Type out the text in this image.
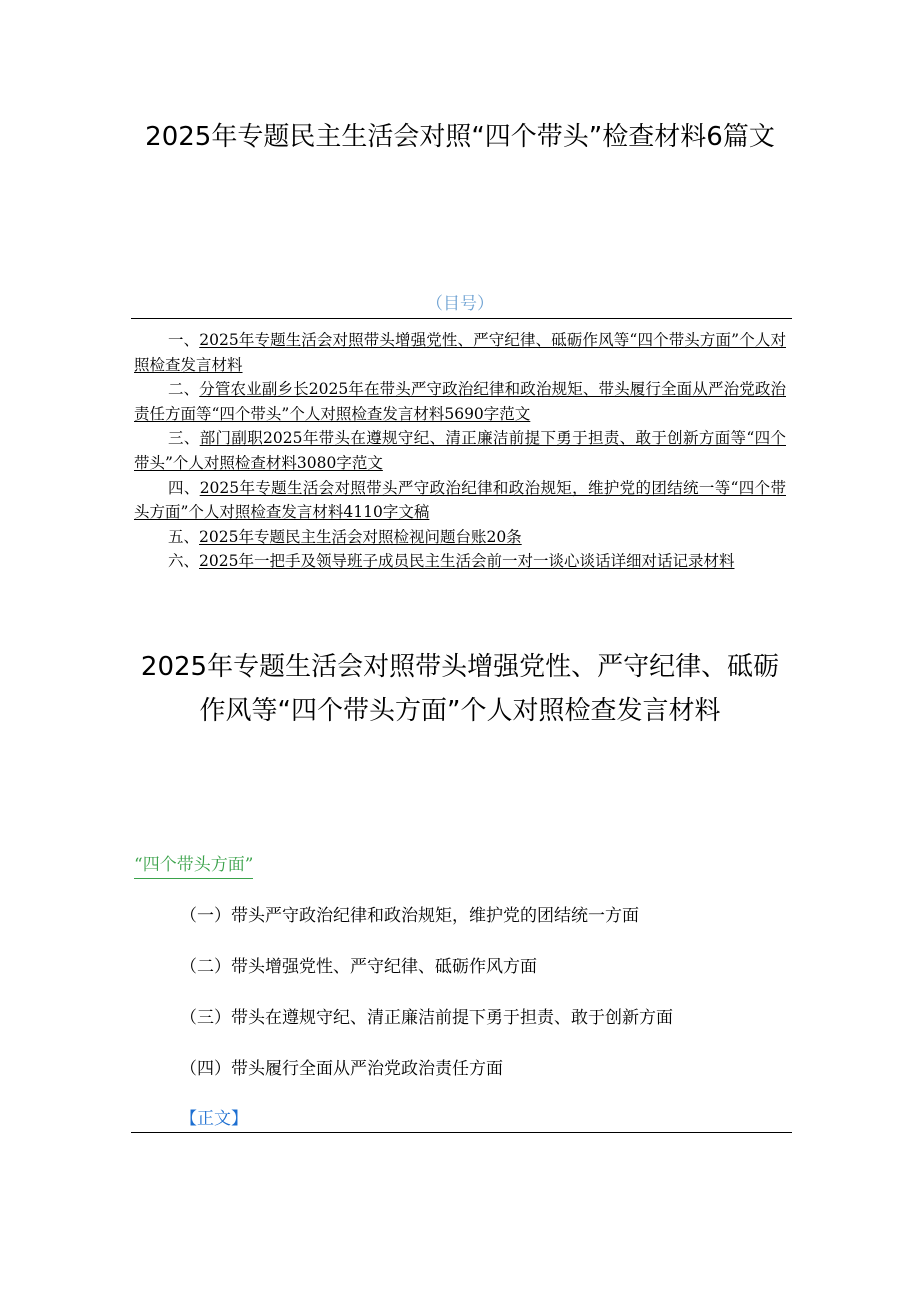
2025年专题民主生活会对照“四个带头”检查材料6篇文
（目号）
一、2025年专题生活会对照带头增强党性、严守纪律、砥砺作风等“四个带头方面”个人对照检查发言材料
二、分管农业副乡长2025年在带头严守政治纪律和政治规矩、带头履行全面从严治党政治责任方面等“四个带头”个人对照检查发言材料5690字范文
三、部门副职2025年带头在遵规守纪、清正廉洁前提下勇于担责、敢于创新方面等“四个带头”个人对照检查材料3080字范文
四、2025年专题生活会对照带头严守政治纪律和政治规矩，维护党的团结统一等“四个带头方面”个人对照检查发言材料4110字文稿
五、2025年专题民主生活会对照检视问题台账20条
六、2025年一把手及领导班子成员民主生活会前一对一谈心谈话详细对话记录材料
2025年专题生活会对照带头增强党性、严守纪律、砥砺作风等“四个带头方面”个人对照检查发言材料
“四个带头方面”
（一）带头严守政治纪律和政治规矩，维护党的团结统一方面
（二）带头增强党性、严守纪律、砥砺作风方面
（三）带头在遵规守纪、清正廉洁前提下勇于担责、敢于创新方面
（四）带头履行全面从严治党政治责任方面
【正文】
